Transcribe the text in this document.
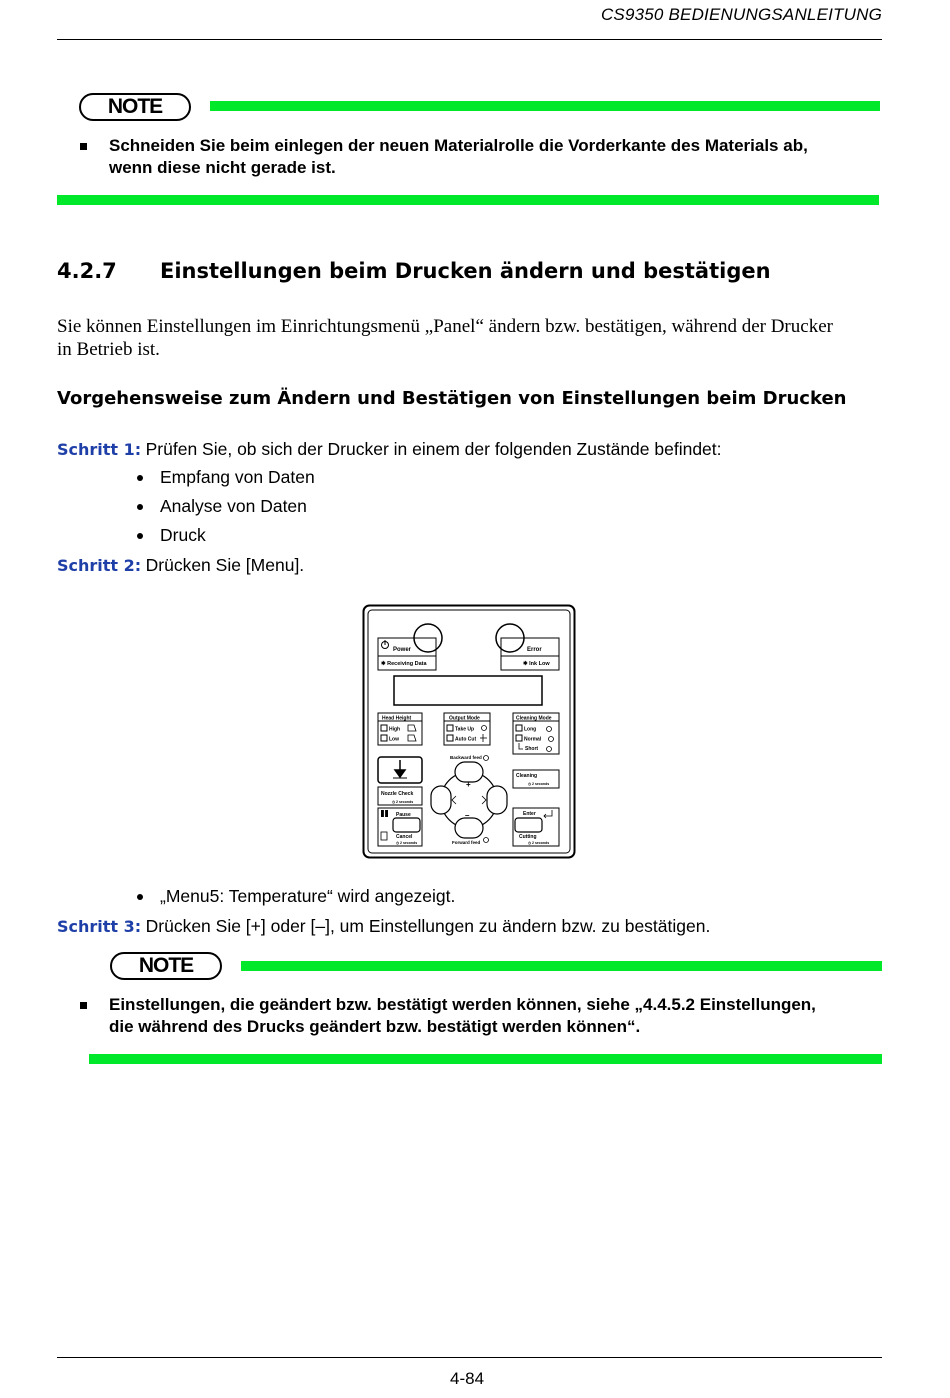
CS9350 BEDIENUNGSANLEITUNG
NOTE
Schneiden Sie beim einlegen der neuen Materialrolle die Vorderkante des Materials ab,
wenn diese nicht gerade ist.
4.2.7 Einstellungen beim Drucken ändern und bestätigen
Sie können Einstellungen im Einrichtungsmenü „Panel“ ändern bzw. bestätigen, während der Drucker
in Betrieb ist.
Vorgehensweise zum Ändern und Bestätigen von Einstellungen beim Drucken
Schritt 1: Prüfen Sie, ob sich der Drucker in einem der folgenden Zustände befindet:
Empfang von Daten
Analyse von Daten
Druck
Schritt 2: Drücken Sie [Menu].
Power
✱ Receiving Data
Error
✱ Ink Low
Head Height
High
Low
Output Mode
Take Up
Auto Cut
Cleaning Mode
Long
Normal
Short
Backward feed
+
–
Forward feed
Nozzle Check
◷ 2 seconds
Pause
Cancel
◷ 2 seconds
Cleaning
◷ 2 seconds
Enter
Cutting
◷ 2 seconds
„Menu5: Temperature“ wird angezeigt.
Schritt 3: Drücken Sie [+] oder [–], um Einstellungen zu ändern bzw. zu bestätigen.
NOTE
Einstellungen, die geändert bzw. bestätigt werden können, siehe „4.4.5.2 Einstellungen,
die während des Drucks geändert bzw. bestätigt werden können“.
4-84
